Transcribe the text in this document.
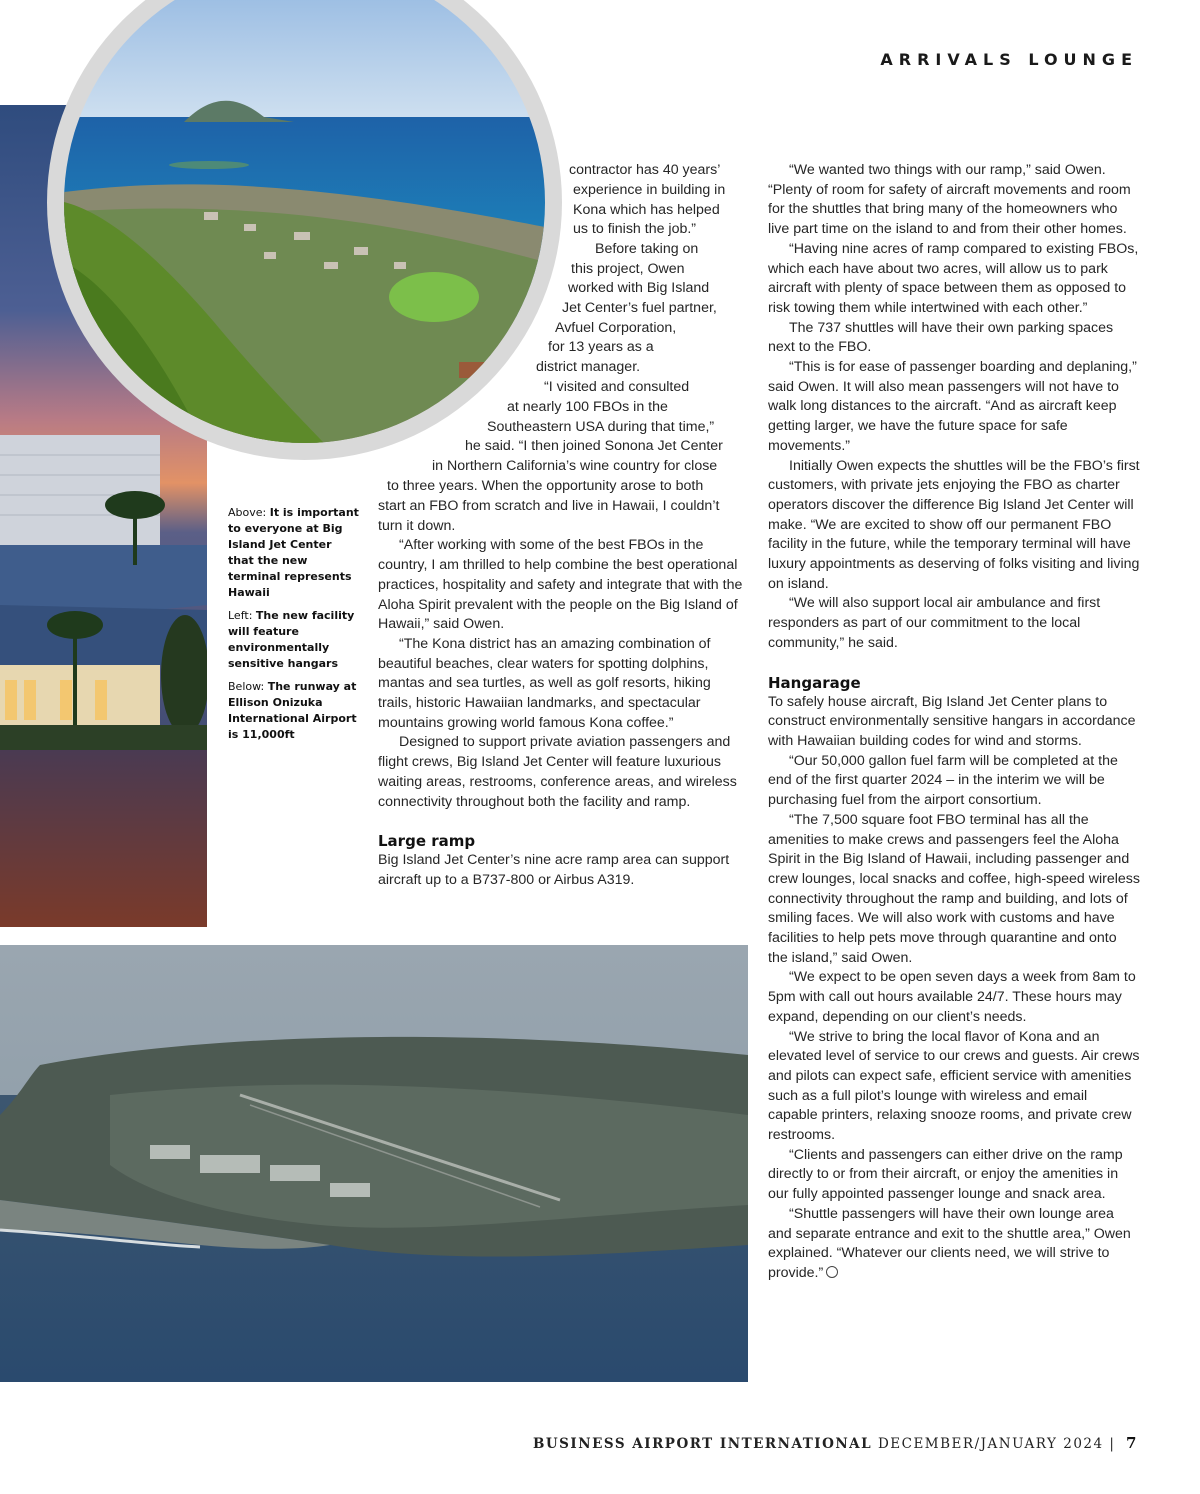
ARRIVALS LOUNGE

Above: It is important to everyone at Big Island Jet Center that the new terminal represents Hawaii

Left: The new facility will feature environmentally sensitive hangars

Below: The runway at Ellison Onizuka International Airport is 11,000ft

contractor has 40 years’
experience in building in
Kona which has helped
us to finish the job.”
Before taking on
this project, Owen
worked with Big Island
Jet Center’s fuel partner,
Avfuel Corporation,
for 13 years as a
district manager.
“I visited and consulted
at nearly 100 FBOs in the
Southeastern USA during that time,”
he said. “I then joined Sonona Jet Center
in Northern California’s wine country for close
to three years. When the opportunity arose to both

start an FBO from scratch and live in Hawaii, I couldn’t turn it down.

“After working with some of the best FBOs in the country, I am thrilled to help combine the best operational practices, hospitality and safety and integrate that with the Aloha Spirit prevalent with the people on the Big Island of Hawaii,” said Owen.

“The Kona district has an amazing combination of beautiful beaches, clear waters for spotting dolphins, mantas and sea turtles, as well as golf resorts, hiking trails, historic Hawaiian landmarks, and spectacular mountains growing world famous Kona coffee.”

Designed to support private aviation passengers and flight crews, Big Island Jet Center will feature luxurious waiting areas, restrooms, conference areas, and wireless connectivity throughout both the facility and ramp.

Large ramp

Big Island Jet Center’s nine acre ramp area can support aircraft up to a B737-800 or Airbus A319.

“We wanted two things with our ramp,” said Owen. “Plenty of room for safety of aircraft movements and room for the shuttles that bring many of the homeowners who live part time on the island to and from their other homes.

“Having nine acres of ramp compared to existing FBOs, which each have about two acres, will allow us to park aircraft with plenty of space between them as opposed to risk towing them while intertwined with each other.”

The 737 shuttles will have their own parking spaces next to the FBO.

“This is for ease of passenger boarding and deplaning,” said Owen. It will also mean passengers will not have to walk long distances to the aircraft. “And as aircraft keep getting larger, we have the future space for safe movements.”

Initially Owen expects the shuttles will be the FBO’s first customers, with private jets enjoying the FBO as charter operators discover the difference Big Island Jet Center will make. “We are excited to show off our permanent FBO facility in the future, while the temporary terminal will have luxury appointments as deserving of folks visiting and living on island.

“We will also support local air ambulance and first responders as part of our commitment to the local community,” he said.

Hangarage

To safely house aircraft, Big Island Jet Center plans to construct environmentally sensitive hangars in accordance with Hawaiian building codes for wind and storms.

“Our 50,000 gallon fuel farm will be completed at the end of the first quarter 2024 – in the interim we will be purchasing fuel from the airport consortium.

“The 7,500 square foot FBO terminal has all the amenities to make crews and passengers feel the Aloha Spirit in the Big Island of Hawaii, including passenger and crew lounges, local snacks and coffee, high-speed wireless connectivity throughout the ramp and building, and lots of smiling faces. We will also work with customs and have facilities to help pets move through quarantine and onto the island,” said Owen.

“We expect to be open seven days a week from 8am to 5pm with call out hours available 24/7. These hours may expand, depending on our client’s needs.

“We strive to bring the local flavor of Kona and an elevated level of service to our crews and guests. Air crews and pilots can expect safe, efficient service with amenities such as a full pilot’s lounge with wireless and email capable printers, relaxing snooze rooms, and private crew restrooms.

“Clients and passengers can either drive on the ramp directly to or from their aircraft, or enjoy the amenities in our fully appointed passenger lounge and snack area.

“Shuttle passengers will have their own lounge area and separate entrance and exit to the shuttle area,” Owen explained. “Whatever our clients need, we will strive to provide.”

BUSINESS AIRPORT INTERNATIONAL DECEMBER/JANUARY 2024 | 7
